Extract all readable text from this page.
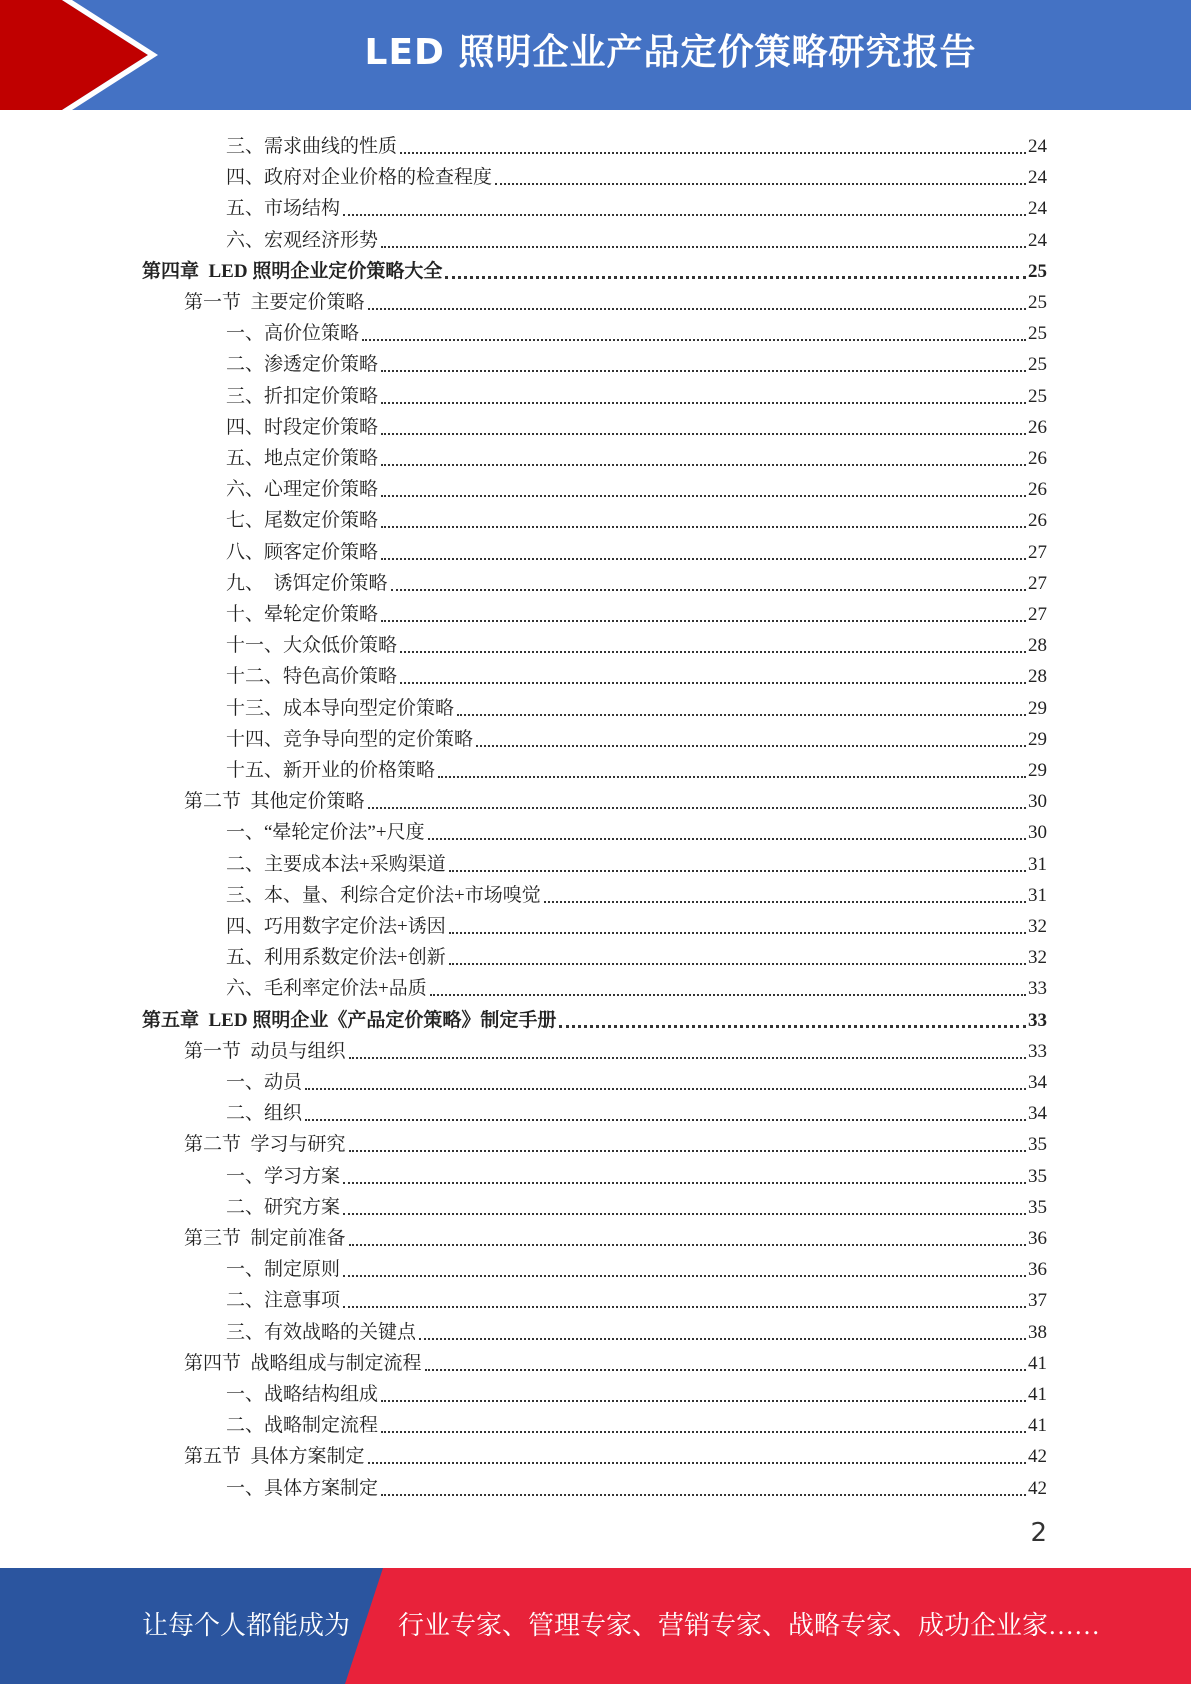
LED 照明企业产品定价策略研究报告
三、需求曲线的性质	24
四、政府对企业价格的检查程度	24
五、市场结构	24
六、宏观经济形势	24
第四章  LED 照明企业定价策略大全	25
第一节  主要定价策略	25
一、高价位策略	25
二、渗透定价策略	25
三、折扣定价策略	25
四、时段定价策略	26
五、地点定价策略	26
六、心理定价策略	26
七、尾数定价策略	26
八、顾客定价策略	27
九、  诱饵定价策略	27
十、晕轮定价策略	27
十一、大众低价策略	28
十二、特色高价策略	28
十三、成本导向型定价策略	29
十四、竞争导向型的定价策略	29
十五、新开业的价格策略	29
第二节  其他定价策略	30
一、“晕轮定价法”+尺度	30
二、主要成本法+采购渠道	31
三、本、量、利综合定价法+市场嗅觉	31
四、巧用数字定价法+诱因	32
五、利用系数定价法+创新	32
六、毛利率定价法+品质	33
第五章  LED 照明企业《产品定价策略》制定手册	33
第一节  动员与组织	33
一、动员	34
二、组织	34
第二节  学习与研究	35
一、学习方案	35
二、研究方案	35
第三节  制定前准备	36
一、制定原则	36
二、注意事项	37
三、有效战略的关键点	38
第四节  战略组成与制定流程	41
一、战略结构组成	41
二、战略制定流程	41
第五节  具体方案制定	42
一、具体方案制定	42
2
让每个人都能成为 行业专家、管理专家、营销专家、战略专家、成功企业家……
